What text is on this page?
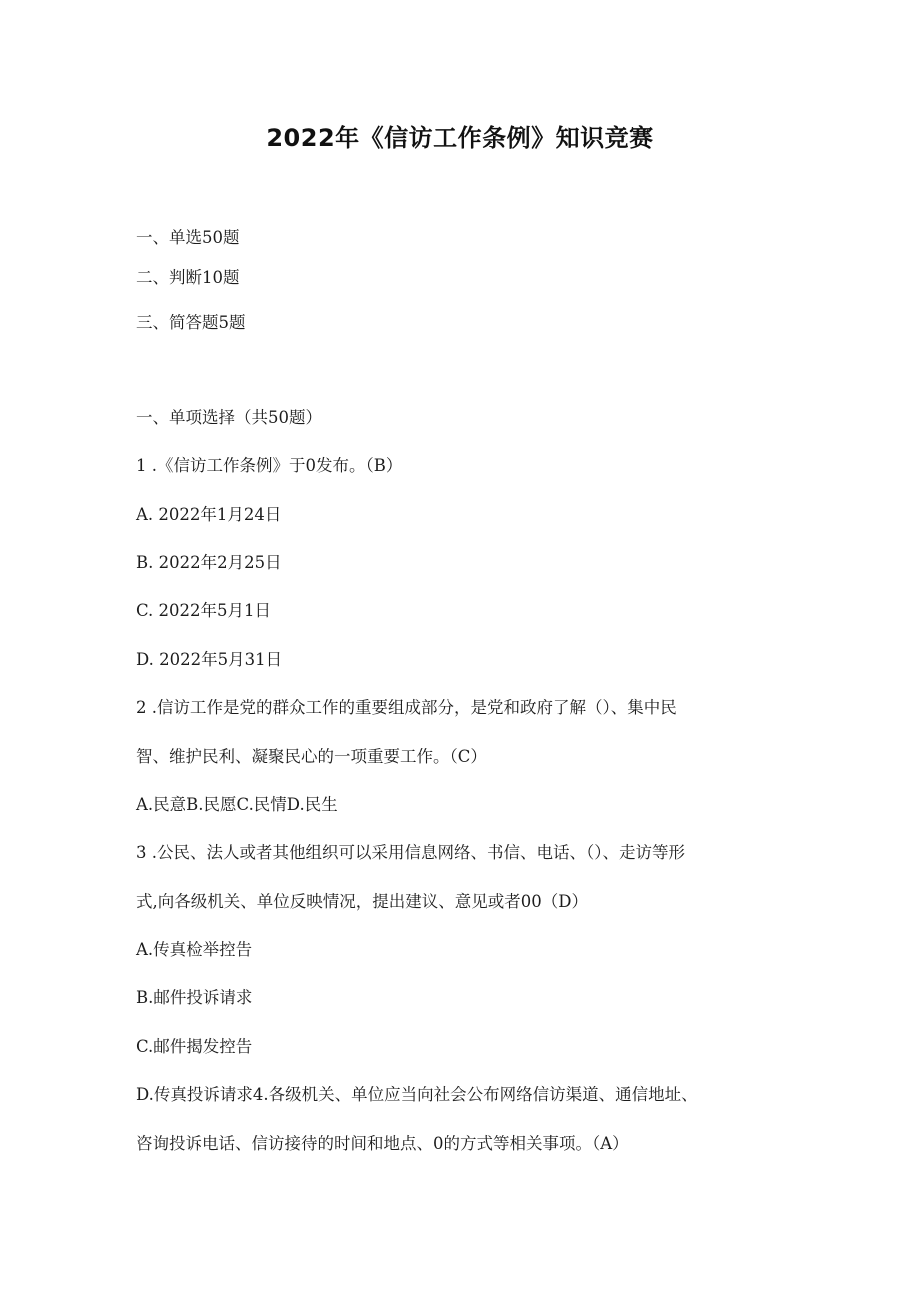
2022年《信访工作条例》知识竞赛
一、单选50题
二、判断10题
三、简答题5题
一、单项选择（共50题）
1 .《信访工作条例》于0发布。（B）
A. 2022年1月24日
B. 2022年2月25日
C. 2022年5月1日
D. 2022年5月31日
2 .信访工作是党的群众工作的重要组成部分，是党和政府了解（）、集中民
智、维护民利、凝聚民心的一项重要工作。（C）
A.民意B.民愿C.民情D.民生
3 .公民、法人或者其他组织可以采用信息网络、书信、电话、（）、走访等形
式,向各级机关、单位反映情况，提出建议、意见或者00（D）
A.传真检举控告
B.邮件投诉请求
C.邮件揭发控告
D.传真投诉请求4.各级机关、单位应当向社会公布网络信访渠道、通信地址、
咨询投诉电话、信访接待的时间和地点、0的方式等相关事项。（A）
